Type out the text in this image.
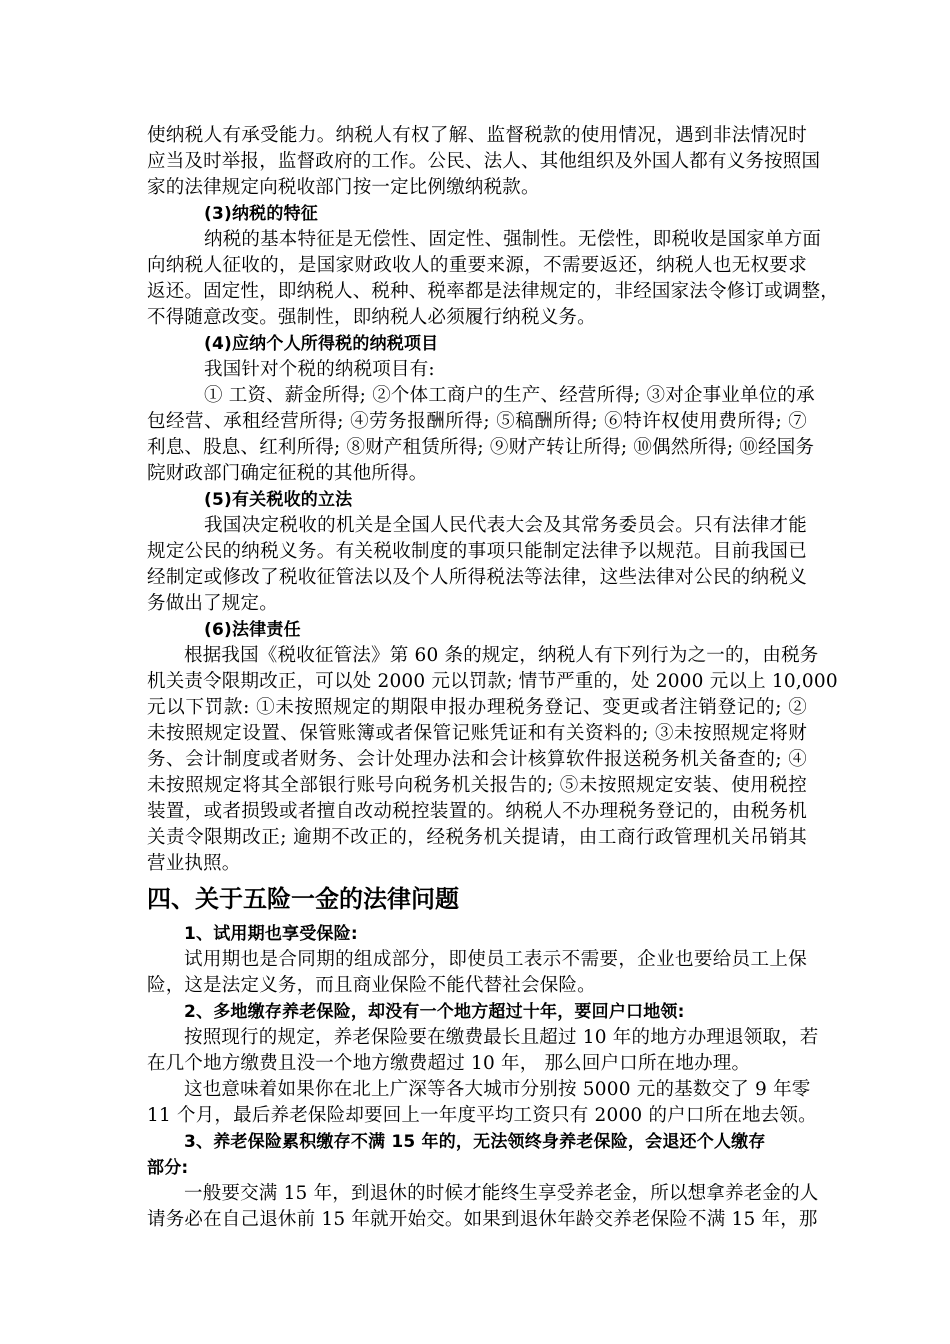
使纳税人有承受能力。纳税人有权了解、监督税款的使用情况，遇到非法情况时
应当及时举报，监督政府的工作。公民、法人、其他组织及外国人都有义务按照国
家的法律规定向税收部门按一定比例缴纳税款。
(3)纳税的特征
纳税的基本特征是无偿性、固定性、强制性。无偿性，即税收是国家单方面
向纳税人征收的，是国家财政收人的重要来源，不需要返还，纳税人也无权要求
返还。固定性，即纳税人、税种、税率都是法律规定的，非经国家法令修订或调整，
不得随意改变。强制性，即纳税人必须履行纳税义务。
(4)应纳个人所得税的纳税项目
我国针对个税的纳税项目有:
① 工资、薪金所得; ②个体工商户的生产、经营所得; ③对企事业单位的承
包经营、承租经营所得; ④劳务报酬所得; ⑤稿酬所得; ⑥特许权使用费所得; ⑦
利息、股息、红利所得; ⑧财产租赁所得; ⑨财产转让所得; ⑩偶然所得; ⑩经国务
院财政部门确定征税的其他所得。
(5)有关税收的立法
我国决定税收的机关是全国人民代表大会及其常务委员会。只有法律才能
规定公民的纳税义务。有关税收制度的事项只能制定法律予以规范。目前我国已
经制定或修改了税收征管法以及个人所得税法等法律，这些法律对公民的纳税义
务做出了规定。
(6)法律责任
根据我国《税收征管法》第 60 条的规定，纳税人有下列行为之一的，由税务
机关责令限期改正，可以处 2000 元以罚款; 情节严重的，处 2000 元以上 10,000
元以下罚款: ①未按照规定的期限申报办理税务登记、变更或者注销登记的; ②
未按照规定设置、保管账簿或者保管记账凭证和有关资料的; ③未按照规定将财
务、会计制度或者财务、会计处理办法和会计核算软件报送税务机关备查的; ④
未按照规定将其全部银行账号向税务机关报告的; ⑤未按照规定安装、使用税控
装置，或者损毁或者擅自改动税控装置的。纳税人不办理税务登记的，由税务机
关责令限期改正; 逾期不改正的，经税务机关提请，由工商行政管理机关吊销其
营业执照。
四、关于五险一金的法律问题
1、试用期也享受保险:
试用期也是合同期的组成部分，即使员工表示不需要，企业也要给员工上保
险，这是法定义务，而且商业保险不能代替社会保险。
2、多地缴存养老保险，却没有一个地方超过十年，要回户口地领:
按照现行的规定，养老保险要在缴费最长且超过 10 年的地方办理退领取，若
在几个地方缴费且没一个地方缴费超过 10 年， 那么回户口所在地办理。
这也意味着如果你在北上广深等各大城市分别按 5000 元的基数交了 9 年零
11 个月，最后养老保险却要回上一年度平均工资只有 2000 的户口所在地去领。
3、养老保险累积缴存不满 15 年的，无法领终身养老保险，会退还个人缴存
部分:
一般要交满 15 年，到退休的时候才能终生享受养老金，所以想拿养老金的人
请务必在自己退休前 15 年就开始交。如果到退休年龄交养老保险不满 15 年，那
